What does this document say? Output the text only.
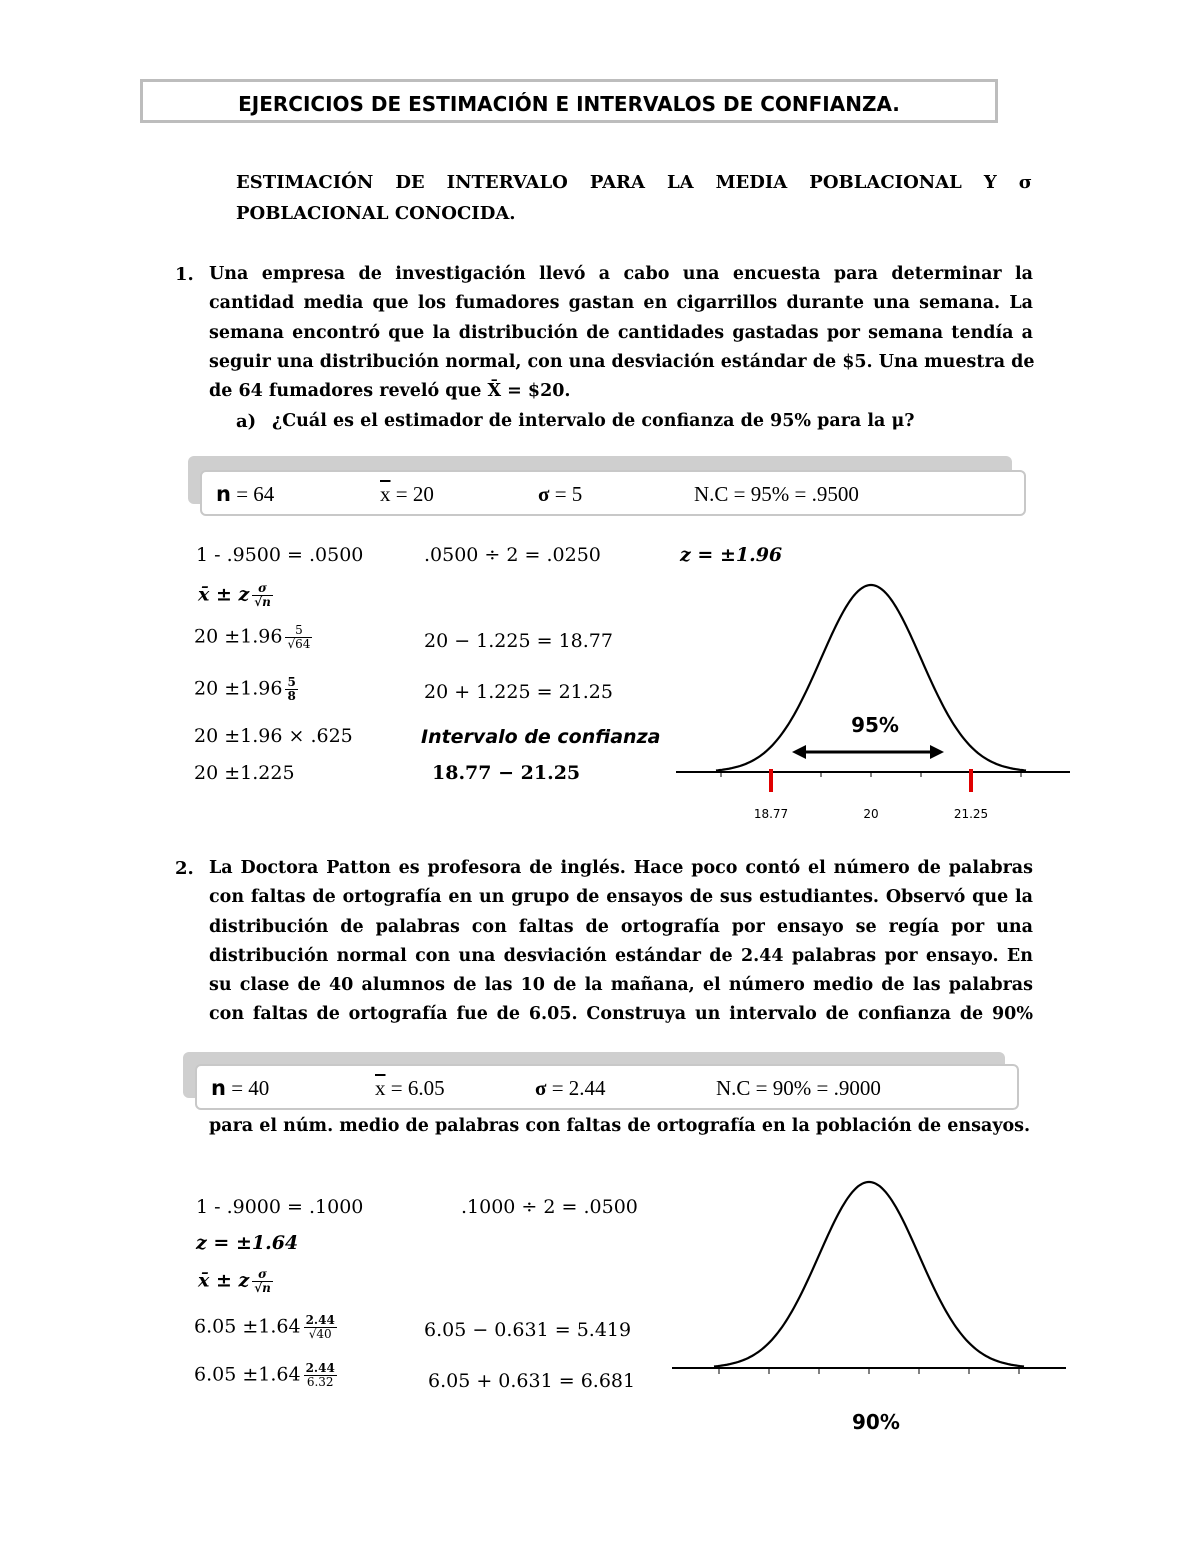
EJERCICIOS DE ESTIMACIÓN E INTERVALOS DE CONFIANZA.
ESTIMACIÓN DE INTERVALO PARA LA MEDIA POBLACIONAL Y σ
POBLACIONAL CONOCIDA.
1. Una empresa de investigación llevó a cabo una encuesta para determinar la
cantidad media que los fumadores gastan en cigarrillos durante una semana. La
semana encontró que la distribución de cantidades gastadas por semana tendía a
seguir una distribución normal, con una desviación estándar de $5. Una muestra de
de 64 fumadores reveló que X̄ = $20.
a) ¿Cuál es el estimador de intervalo de confianza de 95% para la μ?
n = 64	$\overline{x} = 20$	σ = 5	N.C = 95% = .9500
1 - .9500 = .0500	.0500 ÷ 2 = .0250	z = ±1.96
x̄ ± z $\frac{\sigma}{√n}$
$20 \pm 1.96 \frac{5}{√64}$	20 − 1.225 = 18.77
$20 \pm 1.96 \frac{5}{8}$	20 + 1.225 = 21.25
20 ±1.96 × .625	Intervalo de confianza
20 ±1.225	18.77 − 21.25
95%
18.77	20	21.25
2. La Doctora Patton es profesora de inglés. Hace poco contó el número de palabras
con faltas de ortografía en un grupo de ensayos de sus estudiantes. Observó que la
distribución de palabras con faltas de ortografía por ensayo se regía por una
distribución normal con una desviación estándar de 2.44 palabras por ensayo. En
su clase de 40 alumnos de las 10 de la mañana, el número medio de las palabras
con faltas de ortografía fue de 6.05. Construya un intervalo de confianza de 90%
n = 40	$\overline{x} = 6.05$	σ = 2.44	N.C = 90% = .9000
para el núm. medio de palabras con faltas de ortografía en la población de ensayos.
1 - .9000 = .1000	.1000 ÷ 2 = .0500
z = ±1.64
x̄ ± z $\frac{\sigma}{√n}$
$6.05 \pm 1.64 \frac{2.44}{√40}$	6.05 − 0.631 = 5.419
$6.05 \pm 1.64 \frac{2.44}{6.32}$	6.05 + 0.631 = 6.681
90%
